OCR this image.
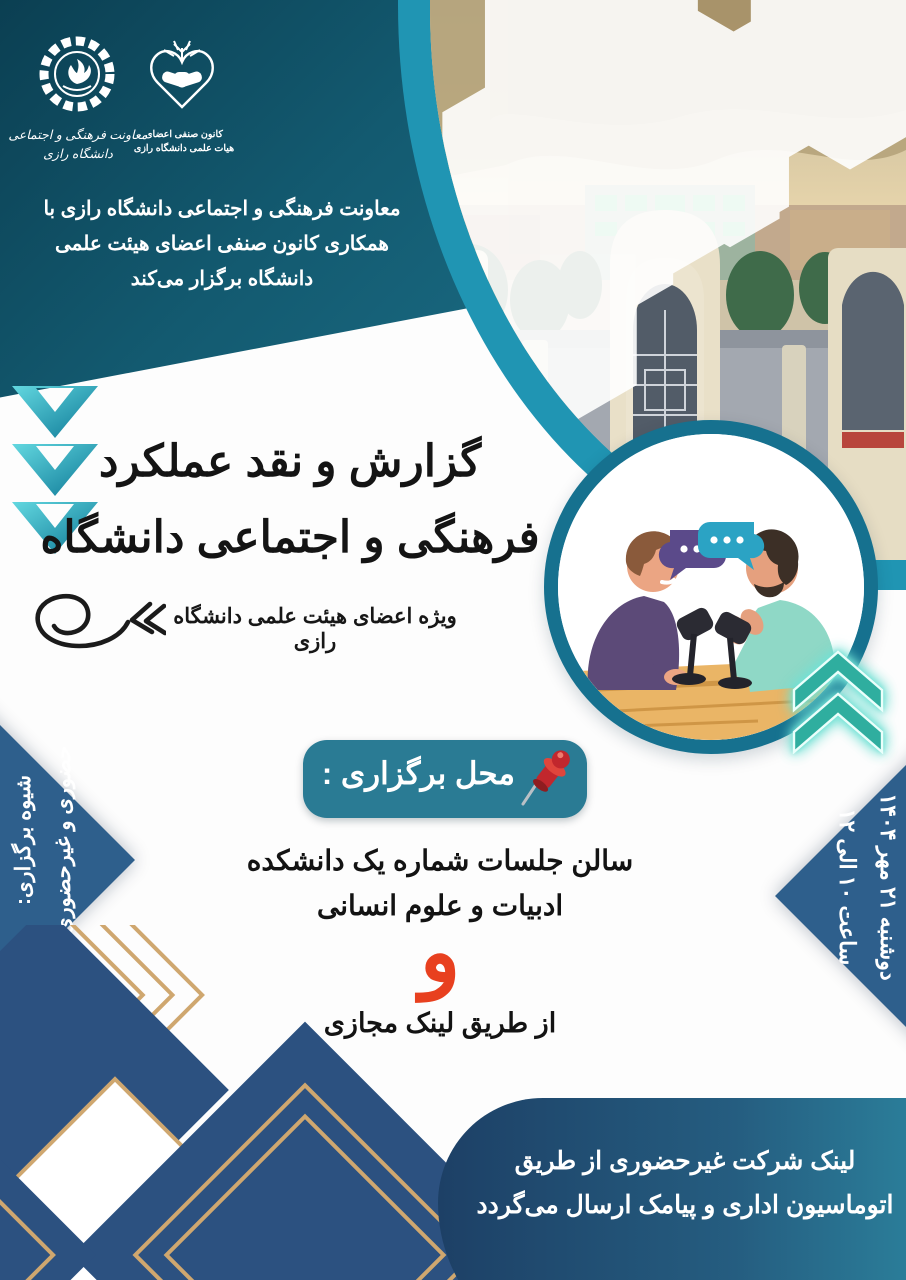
معاونت فرهنگی و اجتماعی
دانشگاه رازی
کانون صنفی اعضای
هیات علمی دانشگاه رازی
معاونت فرهنگی و اجتماعی دانشگاه رازی با
همکاری کانون صنفی اعضای هیئت علمی
دانشگاه برگزار می‌کند
گزارش و نقد عملکرد
فرهنگی و اجتماعی دانشگاه
ویژه اعضای هیئت علمی دانشگاه رازی
شیوه برگزاری: حضوری و غیرحضوری	دوشنبه ۲۱ مهر ۱۴۰۴
ساعت ۱۰ الی ۱۲
محل برگزاری :
سالن جلسات شماره یک دانشکده
ادبیات و علوم انسانی
و
از طریق لینک مجازی
لینک شرکت غیرحضوری از طریق
اتوماسیون اداری و پیامک ارسال می‌گردد
